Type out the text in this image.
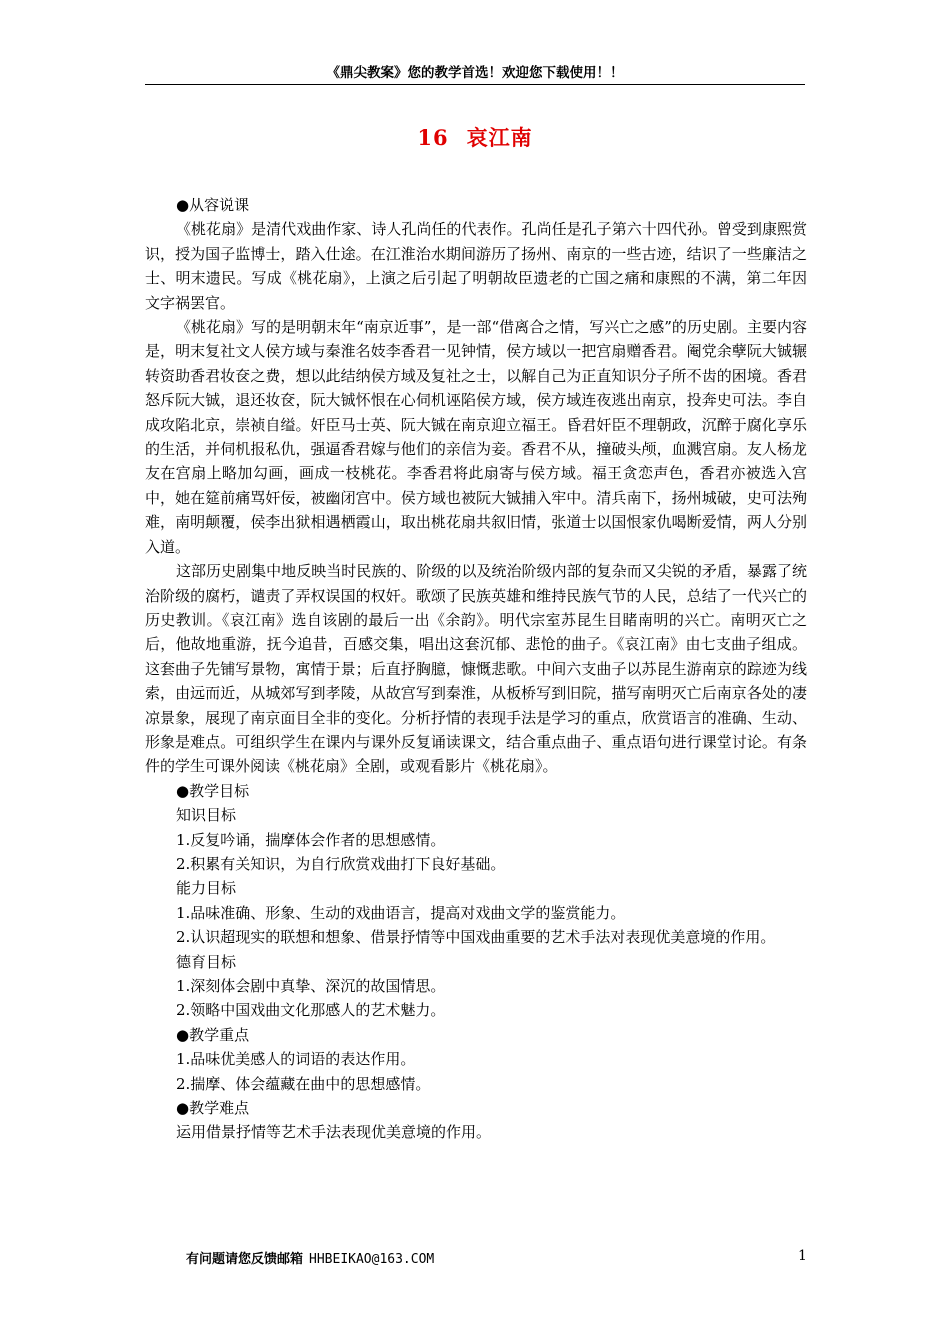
《鼎尖教案》您的教学首选！欢迎您下载使用！！
16 哀江南

●从容说课

《桃花扇》是清代戏曲作家、诗人孔尚任的代表作。孔尚任是孔子第六十四代孙。曾受到康熙赏识，授为国子监博士，踏入仕途。在江淮治水期间游历了扬州、南京的一些古迹，结识了一些廉洁之士、明末遗民。写成《桃花扇》，上演之后引起了明朝故臣遗老的亡国之痛和康熙的不满，第二年因文字祸罢官。

《桃花扇》写的是明朝末年“南京近事”，是一部“借离合之情，写兴亡之感”的历史剧。主要内容是，明末复社文人侯方域与秦淮名妓李香君一见钟情，侯方域以一把宫扇赠香君。阉党余孽阮大铖辗转资助香君妆奁之费，想以此结纳侯方域及复社之士，以解自己为正直知识分子所不齿的困境。香君怒斥阮大铖，退还妆奁，阮大铖怀恨在心伺机诬陷侯方域，侯方域连夜逃出南京，投奔史可法。李自成攻陷北京，崇祯自缢。奸臣马士英、阮大铖在南京迎立福王。昏君奸臣不理朝政，沉醉于腐化享乐的生活，并伺机报私仇，强逼香君嫁与他们的亲信为妾。香君不从，撞破头颅，血溅宫扇。友人杨龙友在宫扇上略加勾画，画成一枝桃花。李香君将此扇寄与侯方域。福王贪恋声色，香君亦被选入宫中，她在筵前痛骂奸佞，被幽闭宫中。侯方域也被阮大铖捕入牢中。清兵南下，扬州城破，史可法殉难，南明颠覆，侯李出狱相遇栖霞山，取出桃花扇共叙旧情，张道士以国恨家仇喝断爱情，两人分别入道。

这部历史剧集中地反映当时民族的、阶级的以及统治阶级内部的复杂而又尖锐的矛盾，暴露了统治阶级的腐朽，谴责了弄权误国的权奸。歌颂了民族英雄和维持民族气节的人民，总结了一代兴亡的历史教训。《哀江南》选自该剧的最后一出《余韵》。明代宗室苏昆生目睹南明的兴亡。南明灭亡之后，他故地重游，抚今追昔，百感交集，唱出这套沉郁、悲怆的曲子。《哀江南》由七支曲子组成。这套曲子先铺写景物，寓情于景；后直抒胸臆，慷慨悲歌。中间六支曲子以苏昆生游南京的踪迹为线索，由远而近，从城郊写到孝陵，从故宫写到秦淮，从板桥写到旧院，描写南明灭亡后南京各处的凄凉景象，展现了南京面目全非的变化。分析抒情的表现手法是学习的重点，欣赏语言的准确、生动、形象是难点。可组织学生在课内与课外反复诵读课文，结合重点曲子、重点语句进行课堂讨论。有条件的学生可课外阅读《桃花扇》全剧，或观看影片《桃花扇》。

●教学目标

知识目标

1.反复吟诵，揣摩体会作者的思想感情。

2.积累有关知识，为自行欣赏戏曲打下良好基础。

能力目标

1.品味准确、形象、生动的戏曲语言，提高对戏曲文学的鉴赏能力。

2.认识超现实的联想和想象、借景抒情等中国戏曲重要的艺术手法对表现优美意境的作用。

德育目标

1.深刻体会剧中真挚、深沉的故国情思。

2.领略中国戏曲文化那感人的艺术魅力。

●教学重点

1.品味优美感人的词语的表达作用。

2.揣摩、体会蕴藏在曲中的思想感情。

●教学难点

运用借景抒情等艺术手法表现优美意境的作用。

有问题请您反馈邮箱 HHBEIKAO@163.COM	1
